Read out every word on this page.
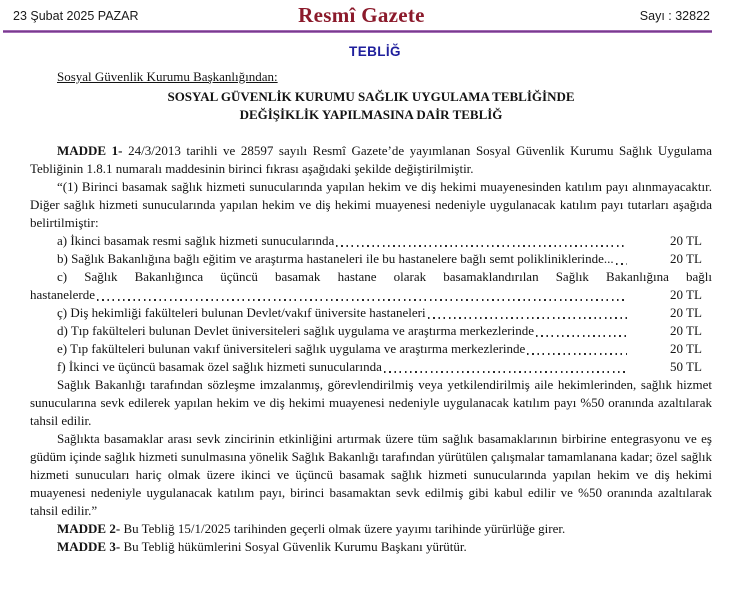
23 Şubat 2025 PAZAR	Resmî Gazete	Sayı : 32822
TEBLİĞ
Sosyal Güvenlik Kurumu Başkanlığından:
SOSYAL GÜVENLİK KURUMU SAĞLIK UYGULAMA TEBLİĞİNDE
DEĞİŞİKLİK YAPILMASINA DAİR TEBLİĞ

MADDE 1- 24/3/2013 tarihli ve 28597 sayılı Resmî Gazete’de yayımlanan Sosyal Güvenlik Kurumu Sağlık Uygulama Tebliğinin 1.8.1 numaralı maddesinin birinci fıkrası aşağıdaki şekilde değiştirilmiştir.

“(1) Birinci basamak sağlık hizmeti sunucularında yapılan hekim ve diş hekimi muayenesinden katılım payı alınmayacaktır. Diğer sağlık hizmeti sunucularında yapılan hekim ve diş hekimi muayenesi nedeniyle uygulanacak katılım payı tutarları aşağıda belirtilmiştir:

a) İkinci basamak resmi sağlık hizmeti sunucularında	20 TL
b) Sağlık Bakanlığına bağlı eğitim ve araştırma hastaneleri ile bu hastanelere bağlı semt polikliniklerinde...	20 TL

c) Sağlık Bakanlığınca üçüncü basamak hastane olarak basamaklandırılan Sağlık Bakanlığına bağlı

hastanelerde	20 TL
ç) Diş hekimliği fakülteleri bulunan Devlet/vakıf üniversite hastaneleri	20 TL
d) Tıp fakülteleri bulunan Devlet üniversiteleri sağlık uygulama ve araştırma merkezlerinde	20 TL
e) Tıp fakülteleri bulunan vakıf üniversiteleri sağlık uygulama ve araştırma merkezlerinde	20 TL
f) İkinci ve üçüncü basamak özel sağlık hizmeti sunucularında	50 TL

Sağlık Bakanlığı tarafından sözleşme imzalanmış, görevlendirilmiş veya yetkilendirilmiş aile hekimlerinden, sağlık hizmet sunucularına sevk edilerek yapılan hekim ve diş hekimi muayenesi nedeniyle uygulanacak katılım payı %50 oranında azaltılarak tahsil edilir.

Sağlıkta basamaklar arası sevk zincirinin etkinliğini artırmak üzere tüm sağlık basamaklarının birbirine entegrasyonu ve eş güdüm içinde sağlık hizmeti sunulmasına yönelik Sağlık Bakanlığı tarafından yürütülen çalışmalar tamamlanana kadar; özel sağlık hizmeti sunucuları hariç olmak üzere ikinci ve üçüncü basamak sağlık hizmeti sunucularında yapılan hekim ve diş hekimi muayenesi nedeniyle uygulanacak katılım payı, birinci basamaktan sevk edilmiş gibi kabul edilir ve %50 oranında azaltılarak tahsil edilir.”

MADDE 2- Bu Tebliğ 15/1/2025 tarihinden geçerli olmak üzere yayımı tarihinde yürürlüğe girer.

MADDE 3- Bu Tebliğ hükümlerini Sosyal Güvenlik Kurumu Başkanı yürütür.
